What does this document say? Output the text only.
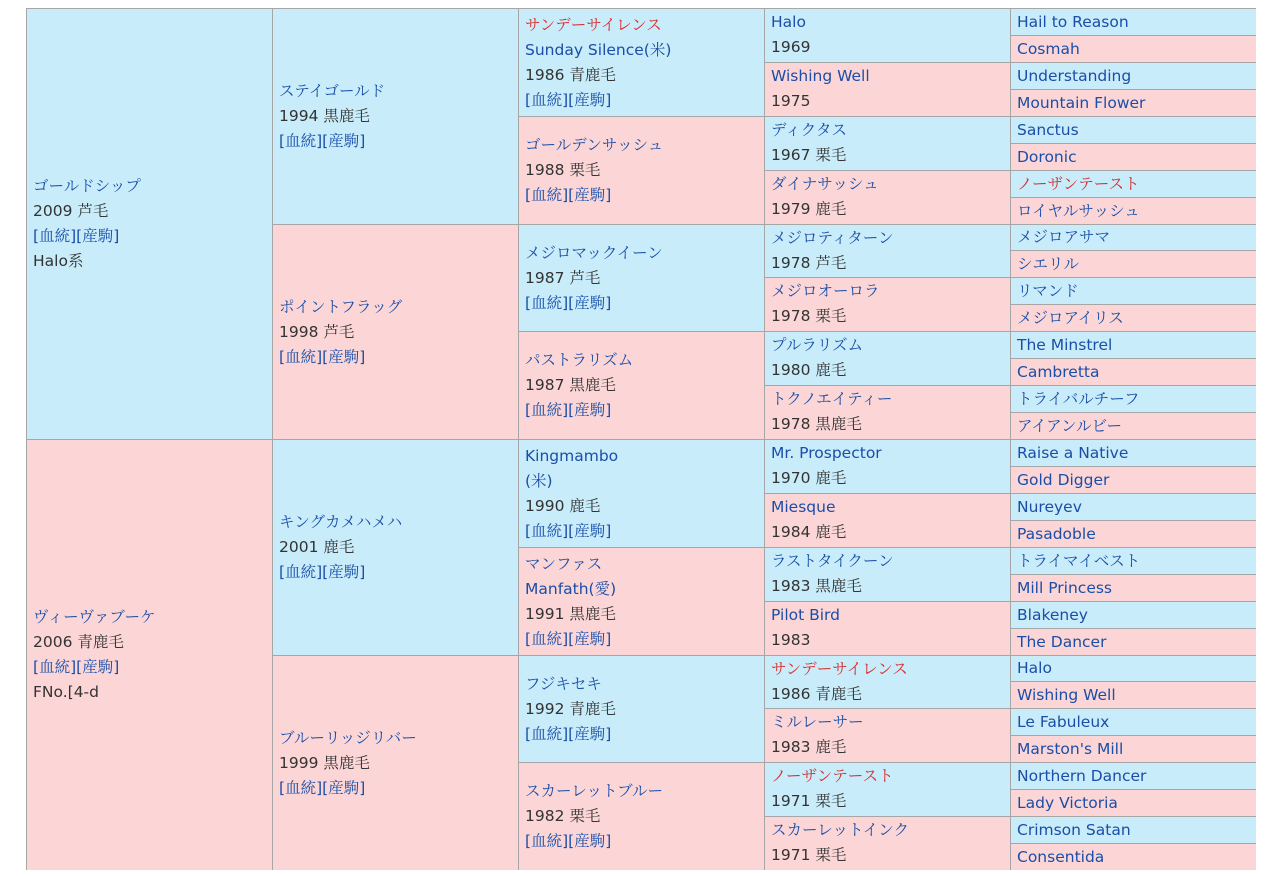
ゴールドシップ
2009 芦毛
[血統][産駒]
Halo系
ヴィーヴァブーケ
2006 青鹿毛
[血統][産駒]
FNo.[4-d
ステイゴールド
1994 黒鹿毛
[血統][産駒]
ポイントフラッグ
1998 芦毛
[血統][産駒]
キングカメハメハ
2001 鹿毛
[血統][産駒]
ブルーリッジリバー
1999 黒鹿毛
[血統][産駒]
サンデーサイレンス
Sunday Silence(米)
1986 青鹿毛
[血統][産駒]
ゴールデンサッシュ
1988 栗毛
[血統][産駒]
メジロマックイーン
1987 芦毛
[血統][産駒]
パストラリズム
1987 黒鹿毛
[血統][産駒]
Kingmambo
(米)
1990 鹿毛
[血統][産駒]
マンファス
Manfath(愛)
1991 黒鹿毛
[血統][産駒]
フジキセキ
1992 青鹿毛
[血統][産駒]
スカーレットブルー
1982 栗毛
[血統][産駒]
Halo
1969
Wishing Well
1975
ディクタス
1967 栗毛
ダイナサッシュ
1979 鹿毛
メジロティターン
1978 芦毛
メジロオーロラ
1978 栗毛
プルラリズム
1980 鹿毛
トクノエイティー
1978 黒鹿毛
Mr. Prospector
1970 鹿毛
Miesque
1984 鹿毛
ラストタイクーン
1983 黒鹿毛
Pilot Bird
1983
サンデーサイレンス
1986 青鹿毛
ミルレーサー
1983 鹿毛
ノーザンテースト
1971 栗毛
スカーレットインク
1971 栗毛
Hail to Reason
Cosmah
Understanding
Mountain Flower
Sanctus
Doronic
ノーザンテースト
ロイヤルサッシュ
メジロアサマ
シエリル
リマンド
メジロアイリス
The Minstrel
Cambretta
トライバルチーフ
アイアンルビー
Raise a Native
Gold Digger
Nureyev
Pasadoble
トライマイベスト
Mill Princess
Blakeney
The Dancer
Halo
Wishing Well
Le Fabuleux
Marston's Mill
Northern Dancer
Lady Victoria
Crimson Satan
Consentida
